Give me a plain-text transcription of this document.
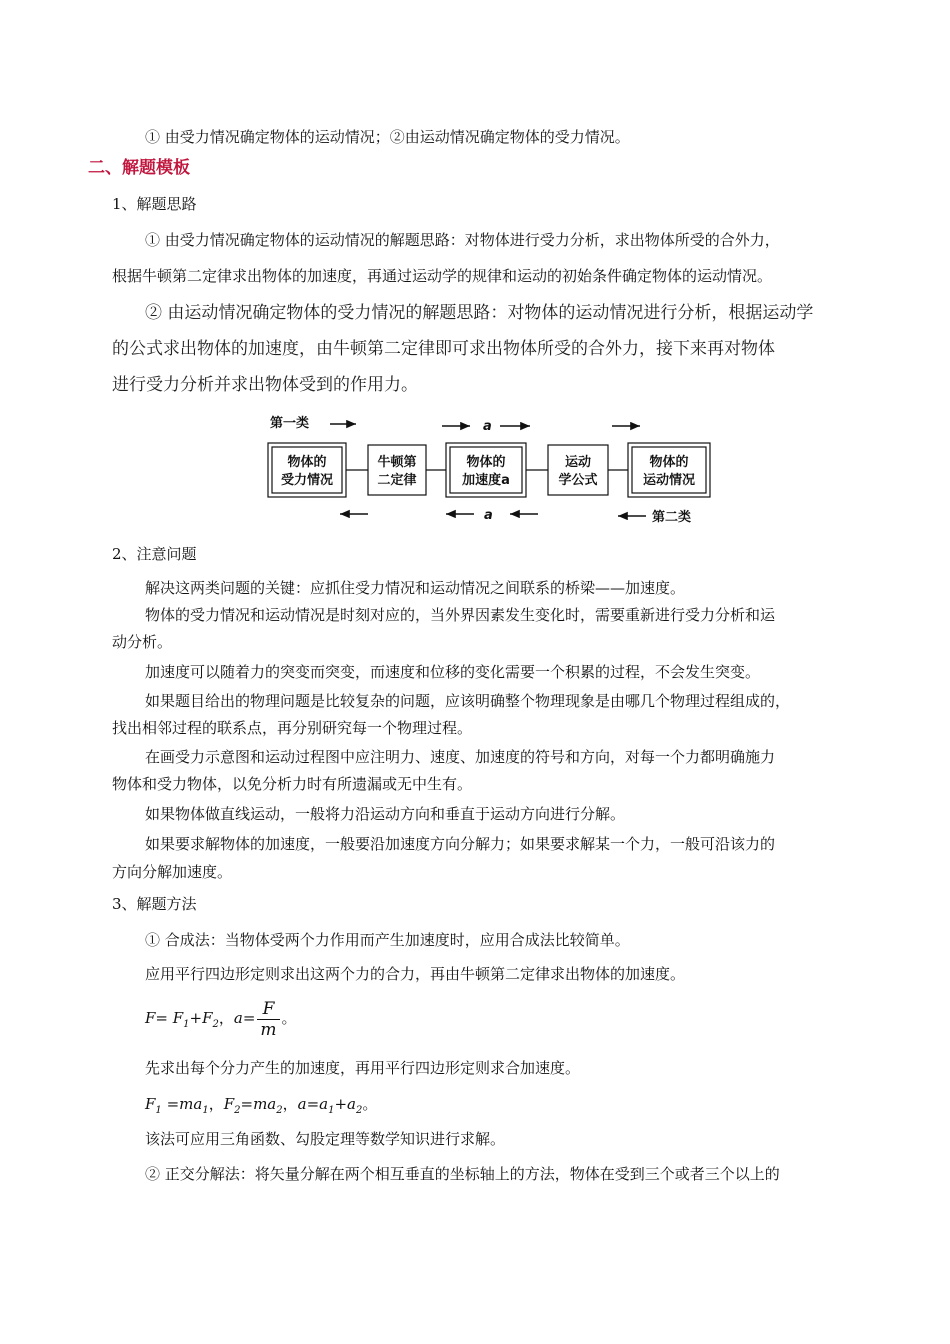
① 由受力情况确定物体的运动情况；②由运动情况确定物体的受力情况。
二、解题模板
1、解题思路
① 由受力情况确定物体的运动情况的解题思路：对物体进行受力分析，求出物体所受的合外力，
根据牛顿第二定律求出物体的加速度，再通过运动学的规律和运动的初始条件确定物体的运动情况。
② 由运动情况确定物体的受力情况的解题思路：对物体的运动情况进行分析，根据运动学
的公式求出物体的加速度，由牛顿第二定律即可求出物体所受的合外力，接下来再对物体
进行受力分析并求出物体受到的作用力。
第一类	a
物体的
受力情况
牛顿第
二定律
物体的
加速度a
运动
学公式
物体的
运动情况
a	第二类
2、注意问题
解决这两类问题的关键：应抓住受力情况和运动情况之间联系的桥梁——加速度。
物体的受力情况和运动情况是时刻对应的，当外界因素发生变化时，需要重新进行受力分析和运
动分析。
加速度可以随着力的突变而突变，而速度和位移的变化需要一个积累的过程，不会发生突变。
如果题目给出的物理问题是比较复杂的问题，应该明确整个物理现象是由哪几个物理过程组成的，
找出相邻过程的联系点，再分别研究每一个物理过程。
在画受力示意图和运动过程图中应注明力、速度、加速度的符号和方向，对每一个力都明确施力
物体和受力物体，以免分析力时有所遗漏或无中生有。
如果物体做直线运动，一般将力沿运动方向和垂直于运动方向进行分解。
如果要求解物体的加速度，一般要沿加速度方向分解力；如果要求解某一个力，一般可沿该力的
方向分解加速度。
3、解题方法
① 合成法：当物体受两个力作用而产生加速度时，应用合成法比较简单。
应用平行四边形定则求出这两个力的合力，再由牛顿第二定律求出物体的加速度。
$F= F_1+F_2$，$a= \frac{F}{m}$ 。
先求出每个分力产生的加速度，再用平行四边形定则求合加速度。
$F_1 =ma_1$，$F_2=ma_2$，$a=a_1+a_2$。
该法可应用三角函数、勾股定理等数学知识进行求解。
② 正交分解法：将矢量分解在两个相互垂直的坐标轴上的方法，物体在受到三个或者三个以上的
